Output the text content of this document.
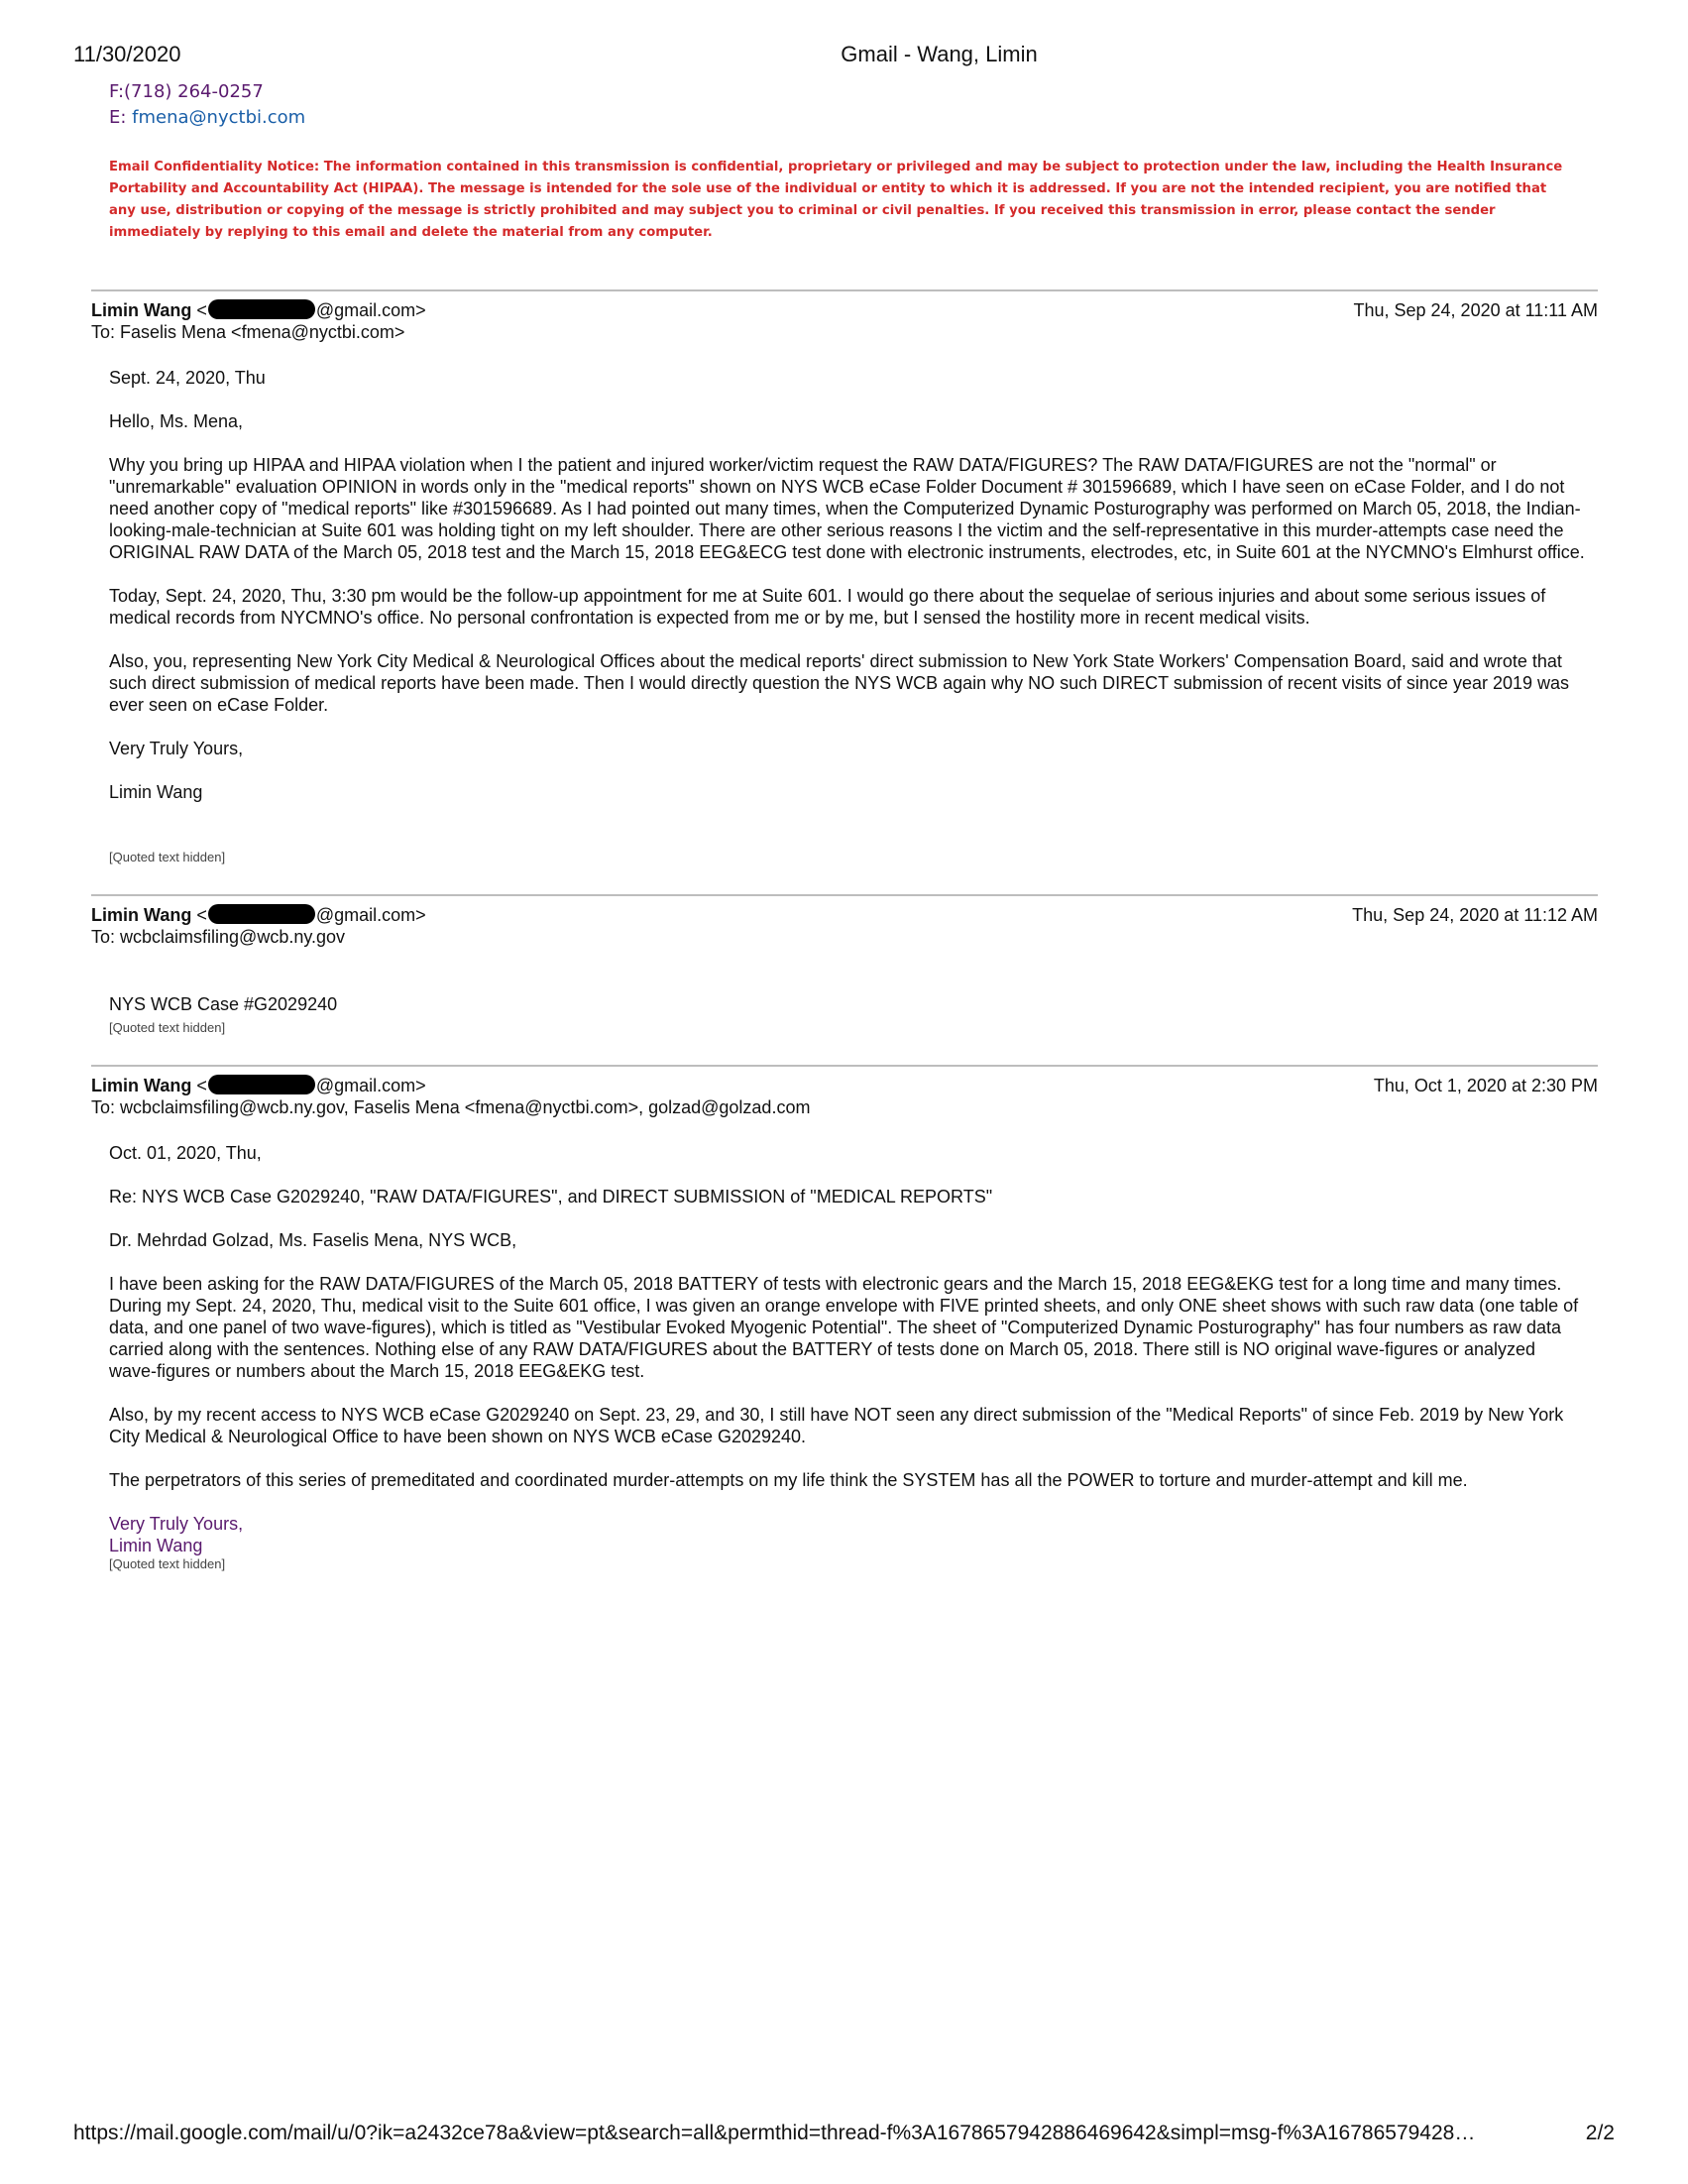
11/30/2020	Gmail - Wang, Limin
F:(718) 264-0257
E: fmena@nyctbi.com
Email Confidentiality Notice: The information contained in this transmission is confidential, proprietary or privileged and may be subject to protection under the law, including the Health Insurance Portability and Accountability Act (HIPAA). The message is intended for the sole use of the individual or entity to which it is addressed. If you are not the intended recipient, you are notified that any use, distribution or copying of the message is strictly prohibited and may subject you to criminal or civil penalties. If you received this transmission in error, please contact the sender immediately by replying to this email and delete the material from any computer.
Limin Wang <	@gmail.com>	Thu, Sep 24, 2020 at 11:11 AM
To: Faselis Mena <fmena@nyctbi.com>

Sept. 24, 2020, Thu

Hello, Ms. Mena,

Why you bring up HIPAA and HIPAA violation when I the patient and injured worker/victim request the RAW DATA/FIGURES? The RAW DATA/FIGURES are not the "normal" or "unremarkable" evaluation OPINION in words only in the "medical reports" shown on NYS WCB eCase Folder Document # 301596689, which I have seen on eCase Folder, and I do not need another copy of "medical reports" like #301596689. As I had pointed out many times, when the Computerized Dynamic Posturography was performed on March 05, 2018, the Indian-looking-male-technician at Suite 601 was holding tight on my left shoulder. There are other serious reasons I the victim and the self-representative in this murder-attempts case need the ORIGINAL RAW DATA of the March 05, 2018 test and the March 15, 2018 EEG&ECG test done with electronic instruments, electrodes, etc, in Suite 601 at the NYCMNO's Elmhurst office.

Today, Sept. 24, 2020, Thu, 3:30 pm would be the follow-up appointment for me at Suite 601. I would go there about the sequelae of serious injuries and about some serious issues of medical records from NYCMNO's office. No personal confrontation is expected from me or by me, but I sensed the hostility more in recent medical visits.

Also, you, representing New York City Medical & Neurological Offices about the medical reports' direct submission to New York State Workers' Compensation Board, said and wrote that such direct submission of medical reports have been made. Then I would directly question the NYS WCB again why NO such DIRECT submission of recent visits of since year 2019 was ever seen on eCase Folder.

Very Truly Yours,

Limin Wang

[Quoted text hidden]
Limin Wang <	@gmail.com>	Thu, Sep 24, 2020 at 11:12 AM
To: wcbclaimsfiling@wcb.ny.gov

NYS WCB Case #G2029240

[Quoted text hidden]
Limin Wang <	@gmail.com>	Thu, Oct 1, 2020 at 2:30 PM
To: wcbclaimsfiling@wcb.ny.gov, Faselis Mena <fmena@nyctbi.com>, golzad@golzad.com

Oct. 01, 2020, Thu,

Re: NYS WCB Case G2029240, "RAW DATA/FIGURES", and DIRECT SUBMISSION of "MEDICAL REPORTS"

Dr. Mehrdad Golzad, Ms. Faselis Mena, NYS WCB,

I have been asking for the RAW DATA/FIGURES of the March 05, 2018 BATTERY of tests with electronic gears and the March 15, 2018 EEG&EKG test for a long time and many times. During my Sept. 24, 2020, Thu, medical visit to the Suite 601 office, I was given an orange envelope with FIVE printed sheets, and only ONE sheet shows with such raw data (one table of data, and one panel of two wave-figures), which is titled as "Vestibular Evoked Myogenic Potential". The sheet of "Computerized Dynamic Posturography" has four numbers as raw data carried along with the sentences. Nothing else of any RAW DATA/FIGURES about the BATTERY of tests done on March 05, 2018. There still is NO original wave-figures or analyzed wave-figures or numbers about the March 15, 2018 EEG&EKG test.

Also, by my recent access to NYS WCB eCase G2029240 on Sept. 23, 29, and 30, I still have NOT seen any direct submission of the "Medical Reports" of since Feb. 2019 by New York City Medical & Neurological Office to have been shown on NYS WCB eCase G2029240.

The perpetrators of this series of premeditated and coordinated murder-attempts on my life think the SYSTEM has all the POWER to torture and murder-attempt and kill me.

Very Truly Yours,
Limin Wang
[Quoted text hidden]
https://mail.google.com/mail/u/0?ik=a2432ce78a&view=pt&search=all&permthid=thread-f%3A1678657942886469642&simpl=msg-f%3A16786579428…	2/2
